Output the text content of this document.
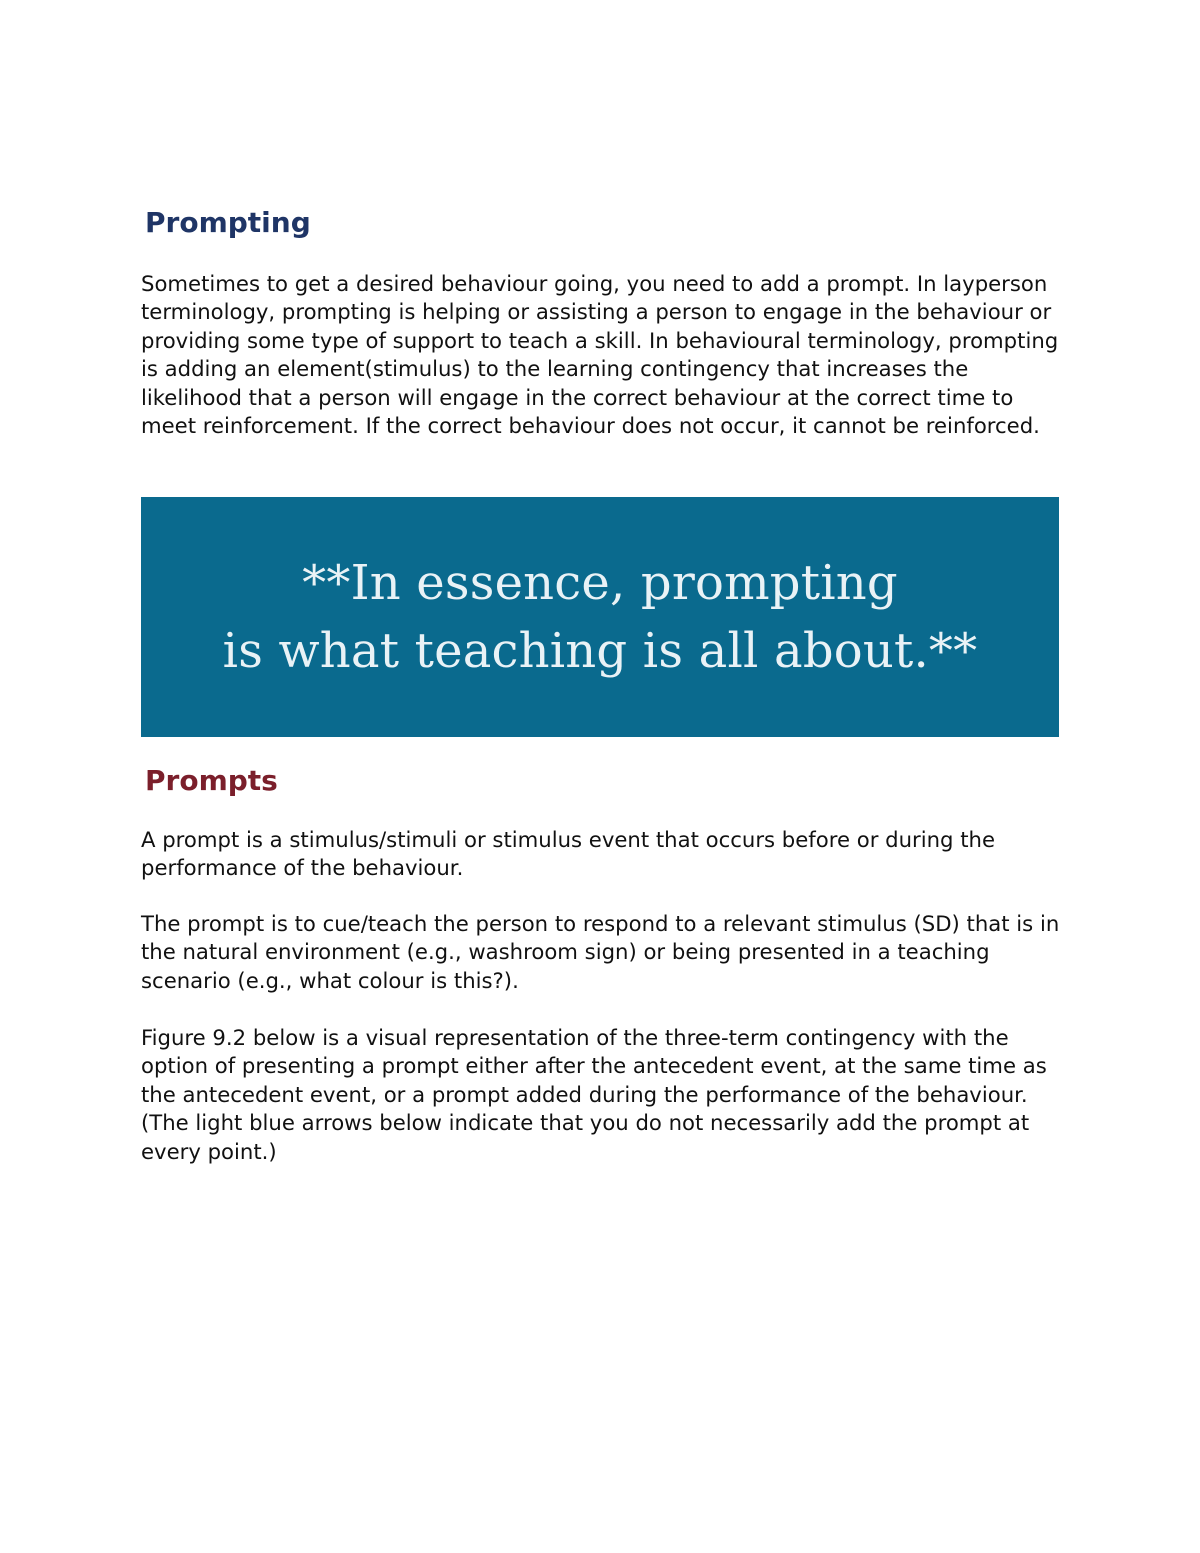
Prompting

Sometimes to get a desired behaviour going, you need to add a prompt. In layperson terminology, prompting is helping or assisting a person to engage in the behaviour or providing some type of support to teach a skill. In behavioural terminology, prompting is adding an element(stimulus) to the learning contingency that increases the likelihood that a person will engage in the correct behaviour at the correct time to meet reinforcement. If the correct behaviour does not occur, it cannot be reinforced.

**In essence, prompting
is what teaching is all about.**

Prompts

A prompt is a stimulus/stimuli or stimulus event that occurs before or during the performance of the behaviour.

The prompt is to cue/teach the person to respond to a relevant stimulus (SD) that is in the natural environment (e.g., washroom sign) or being presented in a teaching scenario (e.g., what colour is this?).

Figure 9.2 below is a visual representation of the three-term contingency with the option of presenting a prompt either after the antecedent event, at the same time as the antecedent event, or a prompt added during the performance of the behaviour. (The light blue arrows below indicate that you do not necessarily add the prompt at every point.)
